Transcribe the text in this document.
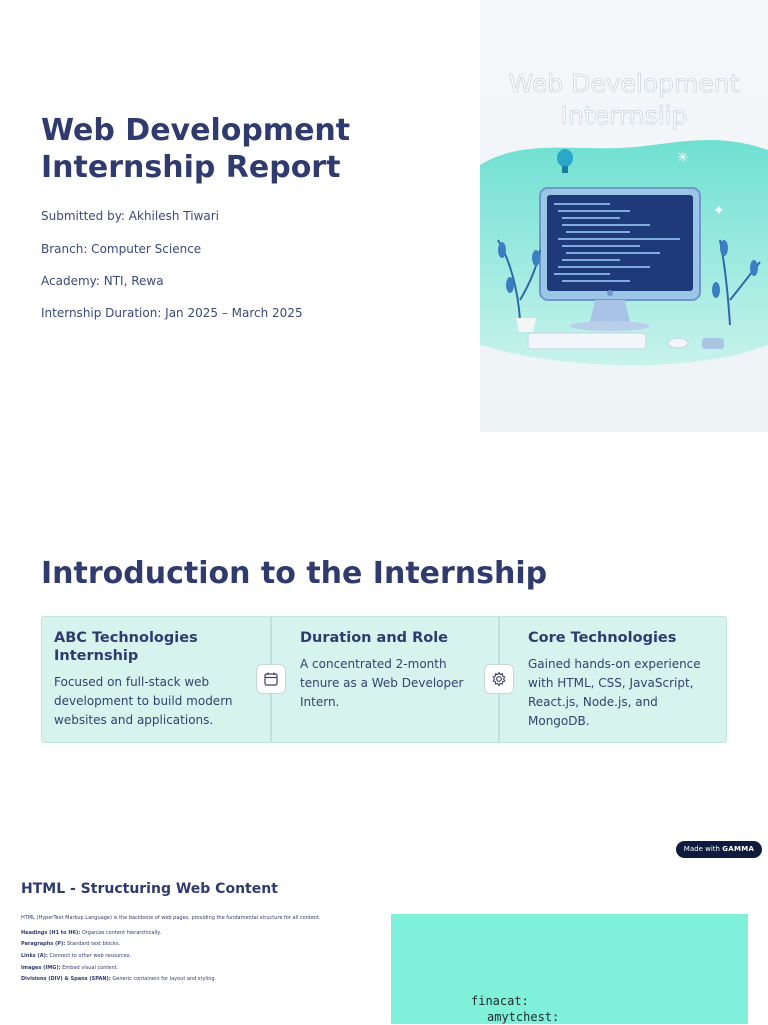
Web Development Internship Report

Submitted by: Akhilesh Tiwari

Branch: Computer Science

Academy: NTI, Rewa

Internship Duration: Jan 2025 – March 2025

Web Development
Interrnsiip
✳
✦
Introduction to the Internship
ABC Technologies Internship

Focused on full-stack web development to build modern websites and applications.

Duration and Role

A concentrated 2-month tenure as a Web Developer Intern.

Core Technologies

Gained hands-on experience with HTML, CSS, JavaScript, React.js, Node.js, and MongoDB.

Made with GAMMA
HTML - Structuring Web Content

HTML (HyperText Markup Language) is the backbone of web pages, providing the fundamental structure for all content.

Headings (H1 to H6): Organize content hierarchically.

Paragraphs (P): Standard text blocks.

Links (A): Connect to other web resources.

Images (IMG): Embed visual content.

Divisions (DIV) & Spans (SPAN): Generic containers for layout and styling.

finacat:
amytchest:
